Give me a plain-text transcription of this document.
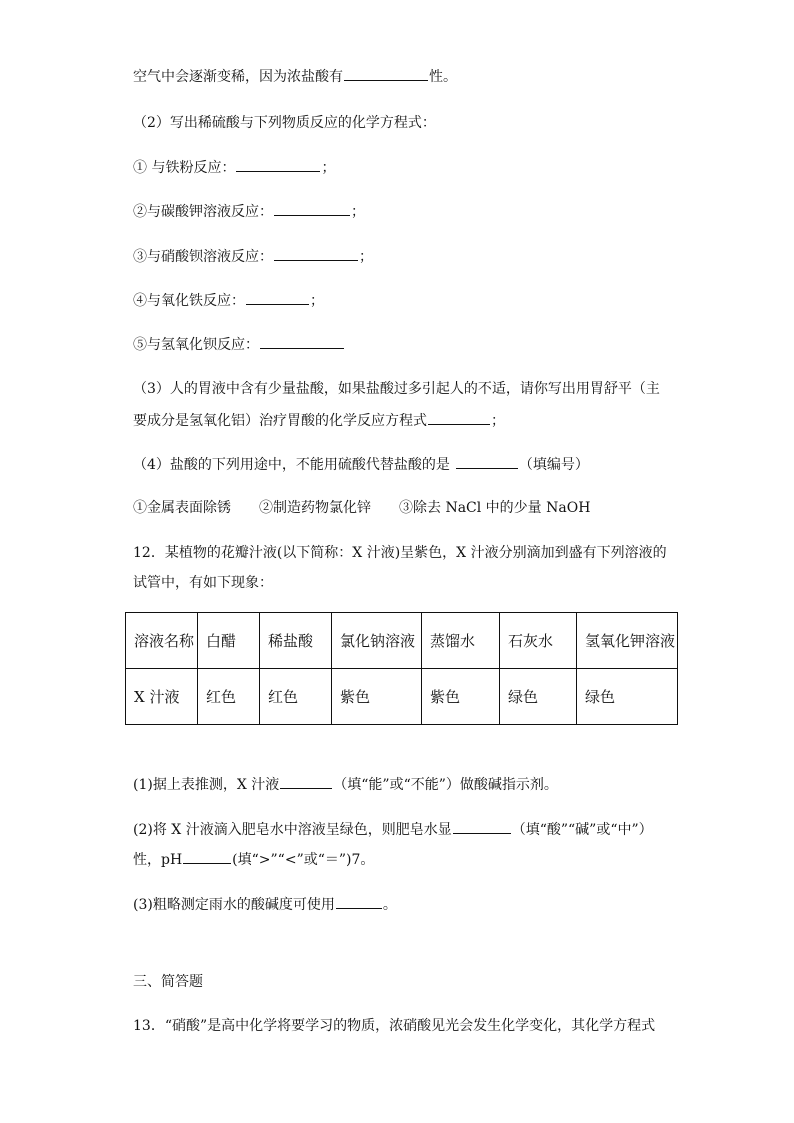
空气中会逐渐变稀，因为浓盐酸有	性。
（2）写出稀硫酸与下列物质反应的化学方程式：
① 与铁粉反应：	；
②与碳酸钾溶液反应：	；
③与硝酸钡溶液反应：	；
④与氧化铁反应：	；
⑤与氢氧化钡反应：
（3）人的胃液中含有少量盐酸，如果盐酸过多引起人的不适，请你写出用胃舒平（主
要成分是氢氧化铝）治疗胃酸的化学反应方程式	；
（4）盐酸的下列用途中，不能用硫酸代替盐酸的是	（填编号）
①金属表面除锈 ②制造药物氯化锌 ③除去 NaCl 中的少量 NaOH
12．某植物的花瓣汁液(以下简称：X 汁液)呈紫色，X 汁液分别滴加到盛有下列溶液的
试管中，有如下现象：
溶液名称	白醋	稀盐酸	氯化钠溶液	蒸馏水	石灰水	氢氧化钾溶液
X 汁液	红色	红色	紫色	紫色	绿色	绿色
(1)据上表推测，X 汁液	（填“能”或“不能”）做酸碱指示剂。
(2)将 X 汁液滴入肥皂水中溶液呈绿色，则肥皂水显	（填“酸”“碱”或“中”）
性，pH	(填“>”“<”或“＝”)7。
(3)粗略测定雨水的酸碱度可使用	。
三、简答题
13．“硝酸”是高中化学将要学习的物质，浓硝酸见光会发生化学变化，其化学方程式
